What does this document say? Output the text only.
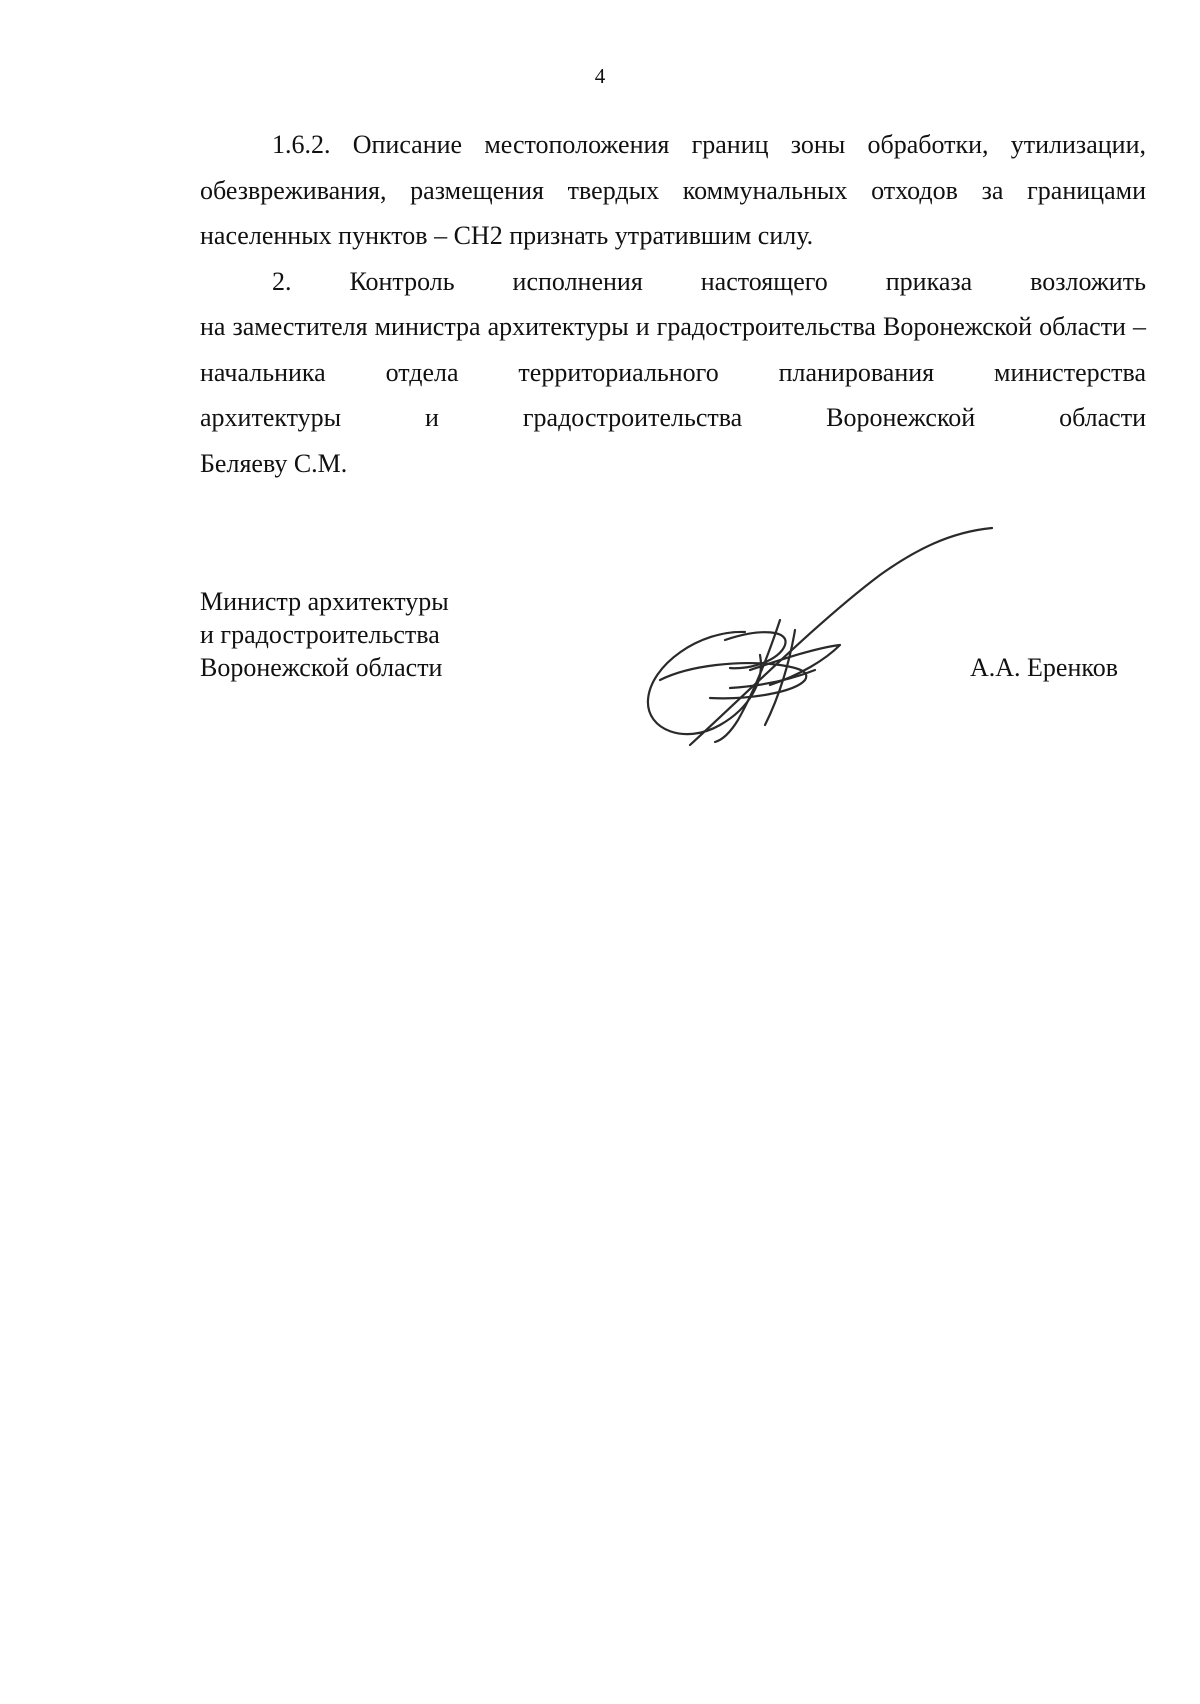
4

1.6.2. Описание местоположения границ зоны обработки, утилизации, обезвреживания, размещения твердых коммунальных отходов за границами населенных пунктов – СН2 признать утратившим силу.

2. Контроль исполнения настоящего приказа возложить

на заместителя министра архитектуры и градостроительства Воронежской области – начальника отдела территориального планирования министерства

архитектуры	и	градостроительства	Воронежской	области
Беляеву С.М.
Министр архитектуры
и градостроительства
Воронежской области	А.А. Еренков
